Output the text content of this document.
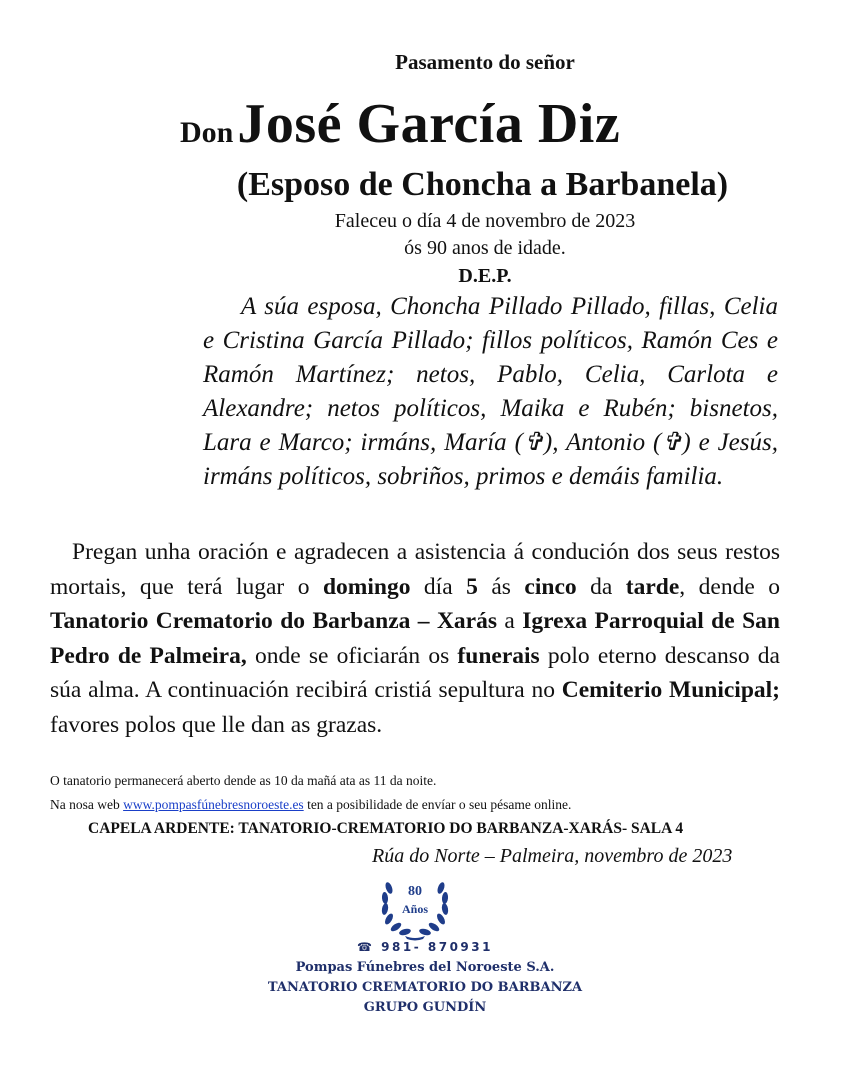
Pasamento do señor
Don José García Diz
(Esposo de Choncha a Barbanela)
Faleceu o día 4 de novembro de 2023
ós 90 anos de idade.
D.E.P.

A súa esposa, Choncha Pillado Pillado, fillas, Celia e Cristina García Pillado; fillos políticos, Ramón Ces e Ramón Martínez; netos, Pablo, Celia, Carlota e Alexandre; netos políticos, Maika e Rubén; bisnetos, Lara e Marco; irmáns, María (✞), Antonio (✞) e Jesús, irmáns políticos, sobriños, primos e demáis familia.

Pregan unha oración e agradecen a asistencia á condución dos seus restos mortais, que terá lugar o domingo día 5 ás cinco da tarde, dende o Tanatorio Crematorio do Barbanza – Xarás a Igrexa Parroquial de San Pedro de Palmeira, onde se oficiarán os funerais polo eterno descanso da súa alma. A continuación recibirá cristiá sepultura no Cemiterio Municipal; favores polos que lle dan as grazas.

O tanatorio permanecerá aberto dende as 10 da mañá ata as 11 da noite.
Na nosa web www.pompasfúnebresnoroeste.es ten a posibilidade de envíar o seu pésame online.
CAPELA ARDENTE: TANATORIO-CREMATORIO DO BARBANZA-XARÁS- SALA 4
Rúa do Norte – Palmeira, novembro de 2023
80
Años
☎ 981- 870931
Pompas Fúnebres del Noroeste S.A.
TANATORIO CREMATORIO DO BARBANZA
GRUPO GUNDÍN
